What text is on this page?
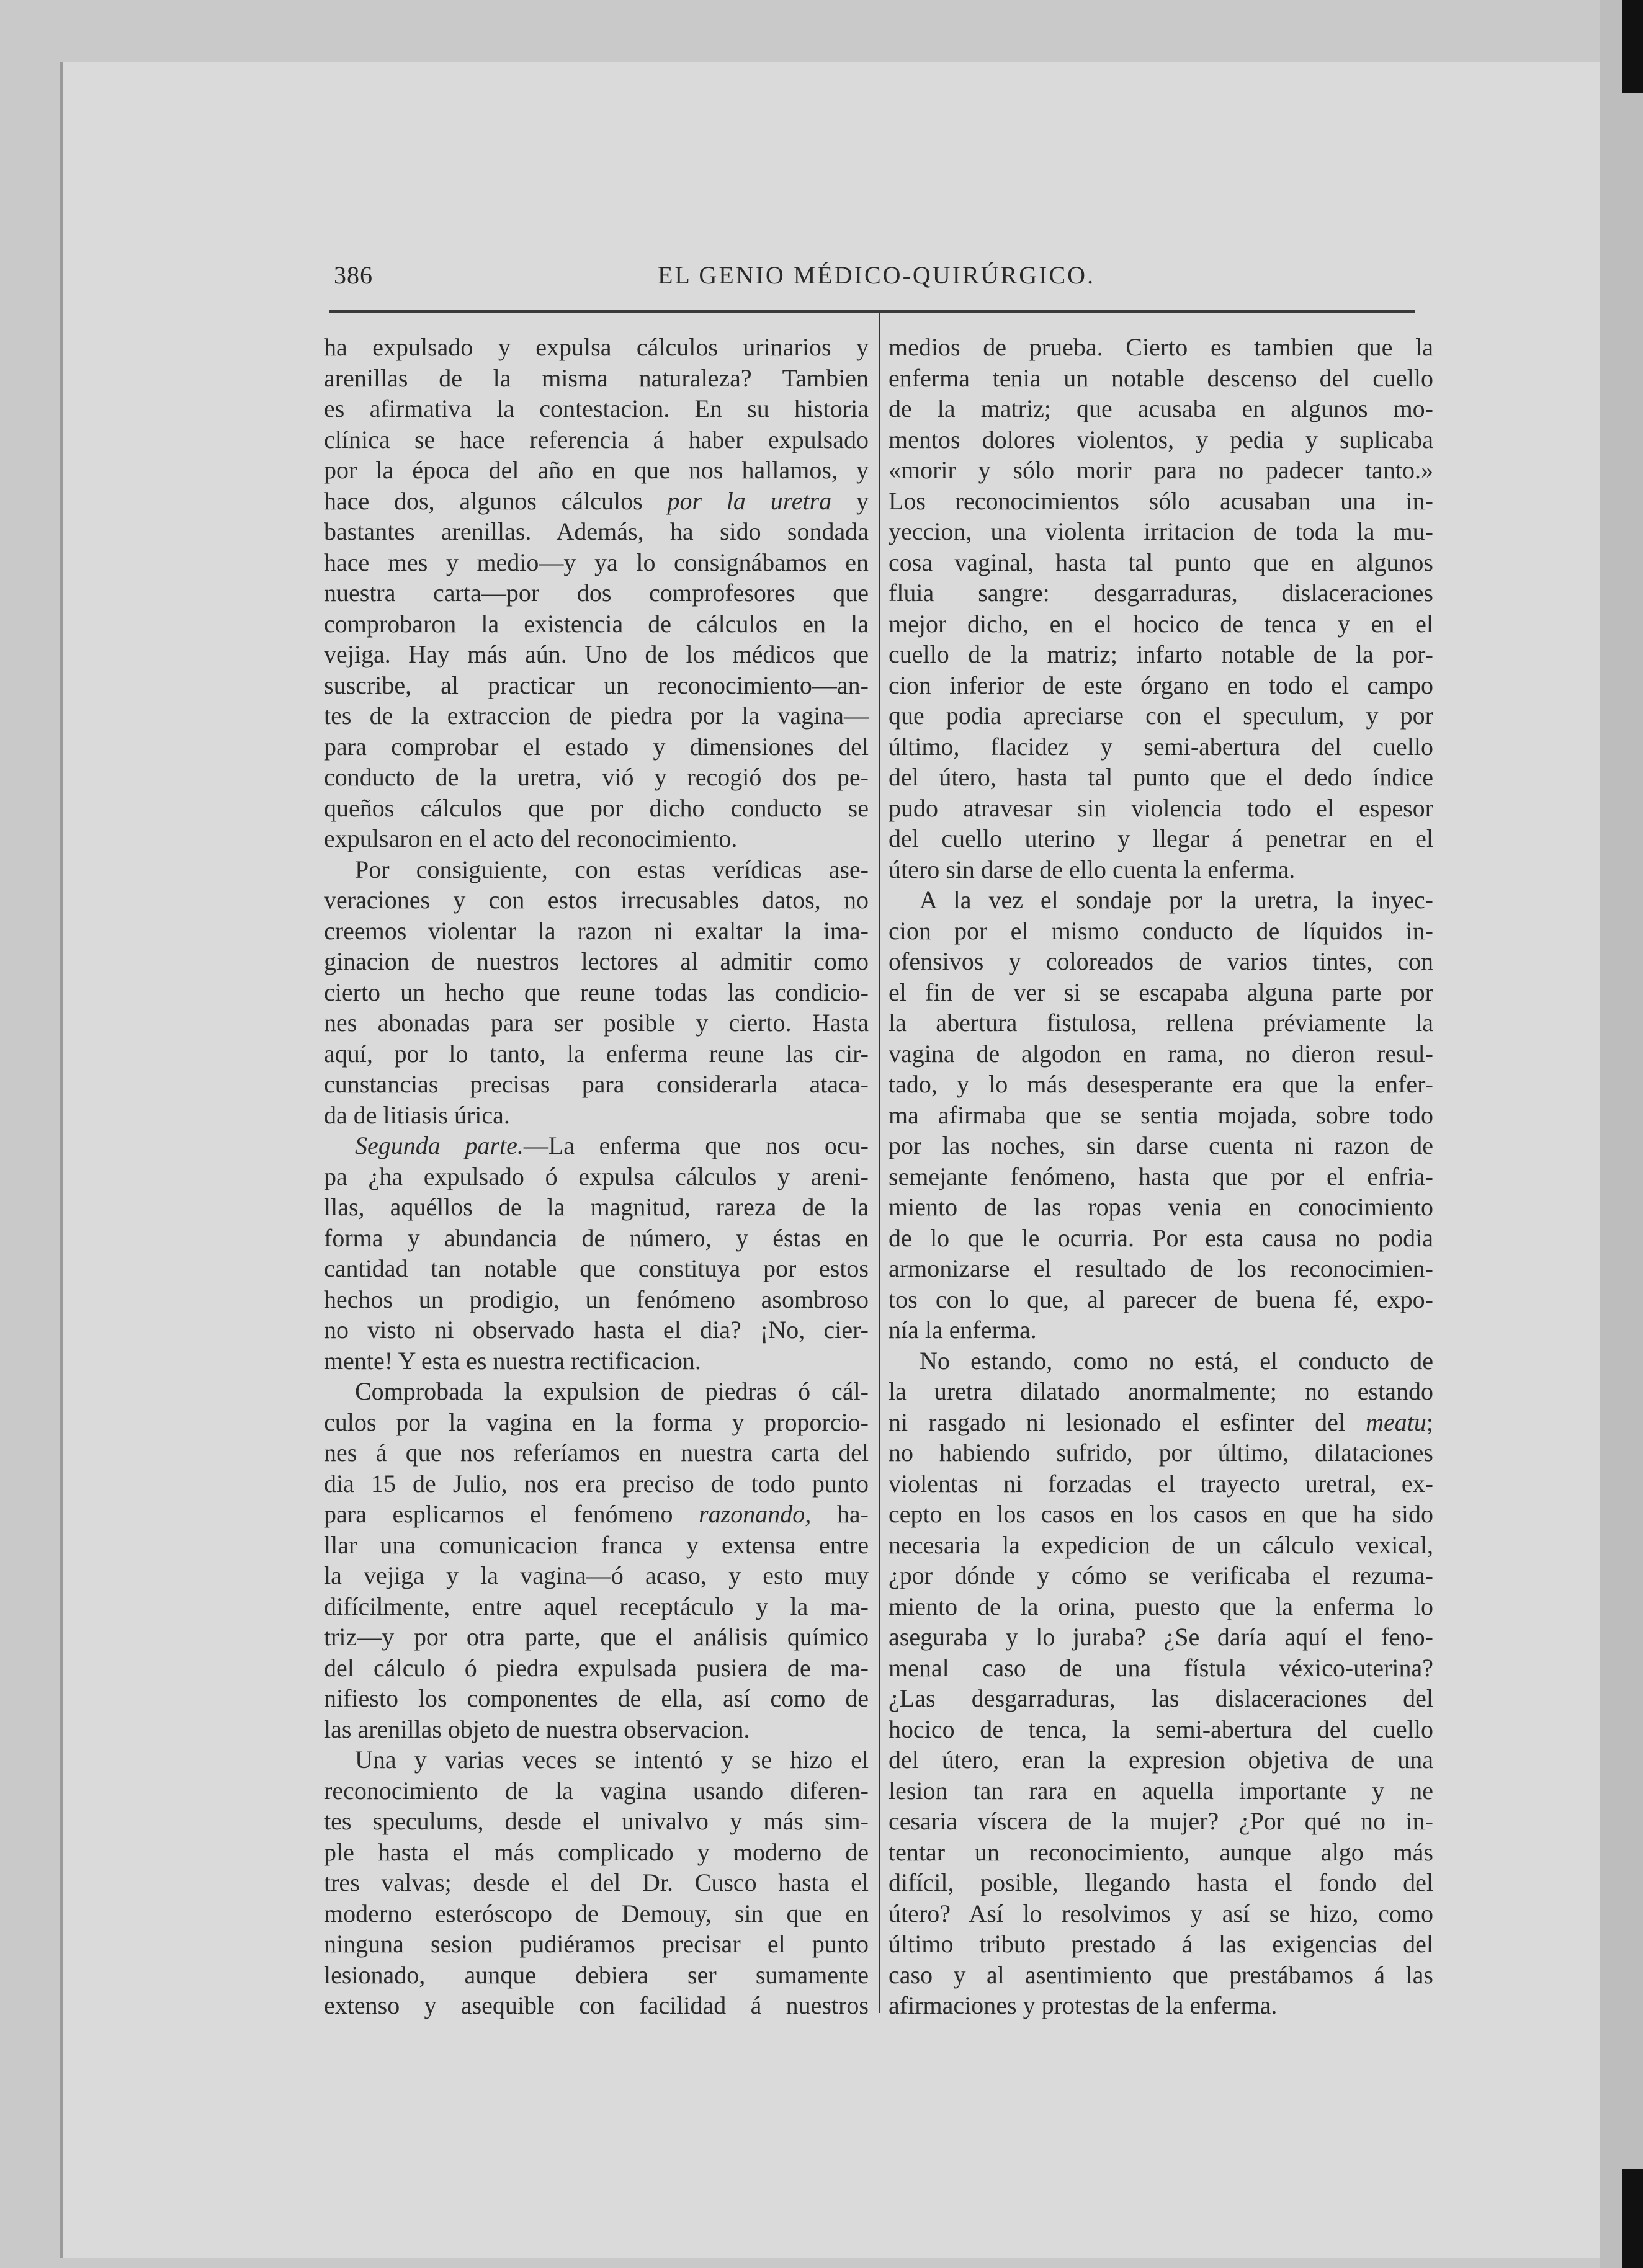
386	EL GENIO MÉDICO-QUIRÚRGICO.
ha expulsado y expulsa cálculos urinarios y
arenillas de la misma naturaleza? Tambien
es afirmativa la contestacion. En su historia
clínica se hace referencia á haber expulsado
por la época del año en que nos hallamos, y
hace dos, algunos cálculos por la uretra y
bastantes arenillas. Además, ha sido sondada
hace mes y medio—y ya lo consignábamos en
nuestra carta—por dos comprofesores que
comprobaron la existencia de cálculos en la
vejiga. Hay más aún. Uno de los médicos que
suscribe, al practicar un reconocimiento—an-
tes de la extraccion de piedra por la vagina—
para comprobar el estado y dimensiones del
conducto de la uretra, vió y recogió dos pe-
queños cálculos que por dicho conducto se
expulsaron en el acto del reconocimiento.
Por consiguiente, con estas verídicas ase-
veraciones y con estos irrecusables datos, no
creemos violentar la razon ni exaltar la ima-
ginacion de nuestros lectores al admitir como
cierto un hecho que reune todas las condicio-
nes abonadas para ser posible y cierto. Hasta
aquí, por lo tanto, la enferma reune las cir-
cunstancias precisas para considerarla ataca-
da de litiasis úrica.
Segunda parte.—La enferma que nos ocu-
pa ¿ha expulsado ó expulsa cálculos y areni-
llas, aquéllos de la magnitud, rareza de la
forma y abundancia de número, y éstas en
cantidad tan notable que constituya por estos
hechos un prodigio, un fenómeno asombroso
no visto ni observado hasta el dia? ¡No, cier-
mente! Y esta es nuestra rectificacion.
Comprobada la expulsion de piedras ó cál-
culos por la vagina en la forma y proporcio-
nes á que nos referíamos en nuestra carta del
dia 15 de Julio, nos era preciso de todo punto
para esplicarnos el fenómeno razonando, ha-
llar una comunicacion franca y extensa entre
la vejiga y la vagina—ó acaso, y esto muy
difícilmente, entre aquel receptáculo y la ma-
triz—y por otra parte, que el análisis químico
del cálculo ó piedra expulsada pusiera de ma-
nifiesto los componentes de ella, así como de
las arenillas objeto de nuestra observacion.
Una y varias veces se intentó y se hizo el
reconocimiento de la vagina usando diferen-
tes speculums, desde el univalvo y más sim-
ple hasta el más complicado y moderno de
tres valvas; desde el del Dr. Cusco hasta el
moderno esteróscopo de Demouy, sin que en
ninguna sesion pudiéramos precisar el punto
lesionado, aunque debiera ser sumamente
extenso y asequible con facilidad á nuestros
medios de prueba. Cierto es tambien que la
enferma tenia un notable descenso del cuello
de la matriz; que acusaba en algunos mo-
mentos dolores violentos, y pedia y suplicaba
«morir y sólo morir para no padecer tanto.»
Los reconocimientos sólo acusaban una in-
yeccion, una violenta irritacion de toda la mu-
cosa vaginal, hasta tal punto que en algunos
fluia sangre: desgarraduras, dislaceraciones
mejor dicho, en el hocico de tenca y en el
cuello de la matriz; infarto notable de la por-
cion inferior de este órgano en todo el campo
que podia apreciarse con el speculum, y por
último, flacidez y semi-abertura del cuello
del útero, hasta tal punto que el dedo índice
pudo atravesar sin violencia todo el espesor
del cuello uterino y llegar á penetrar en el
útero sin darse de ello cuenta la enferma.
A la vez el sondaje por la uretra, la inyec-
cion por el mismo conducto de líquidos in-
ofensivos y coloreados de varios tintes, con
el fin de ver si se escapaba alguna parte por
la abertura fistulosa, rellena préviamente la
vagina de algodon en rama, no dieron resul-
tado, y lo más desesperante era que la enfer-
ma afirmaba que se sentia mojada, sobre todo
por las noches, sin darse cuenta ni razon de
semejante fenómeno, hasta que por el enfria-
miento de las ropas venia en conocimiento
de lo que le ocurria. Por esta causa no podia
armonizarse el resultado de los reconocimien-
tos con lo que, al parecer de buena fé, expo-
nía la enferma.
No estando, como no está, el conducto de
la uretra dilatado anormalmente; no estando
ni rasgado ni lesionado el esfinter del meatu;
no habiendo sufrido, por último, dilataciones
violentas ni forzadas el trayecto uretral, ex-
cepto en los casos en los casos en que ha sido
necesaria la expedicion de un cálculo vexical,
¿por dónde y cómo se verificaba el rezuma-
miento de la orina, puesto que la enferma lo
aseguraba y lo juraba? ¿Se daría aquí el feno-
menal caso de una fístula véxico-uterina?
¿Las desgarraduras, las dislaceraciones del
hocico de tenca, la semi-abertura del cuello
del útero, eran la expresion objetiva de una
lesion tan rara en aquella importante y ne
cesaria víscera de la mujer? ¿Por qué no in-
tentar un reconocimiento, aunque algo más
difícil, posible, llegando hasta el fondo del
útero? Así lo resolvimos y así se hizo, como
último tributo prestado á las exigencias del
caso y al asentimiento que prestábamos á las
afirmaciones y protestas de la enferma.
